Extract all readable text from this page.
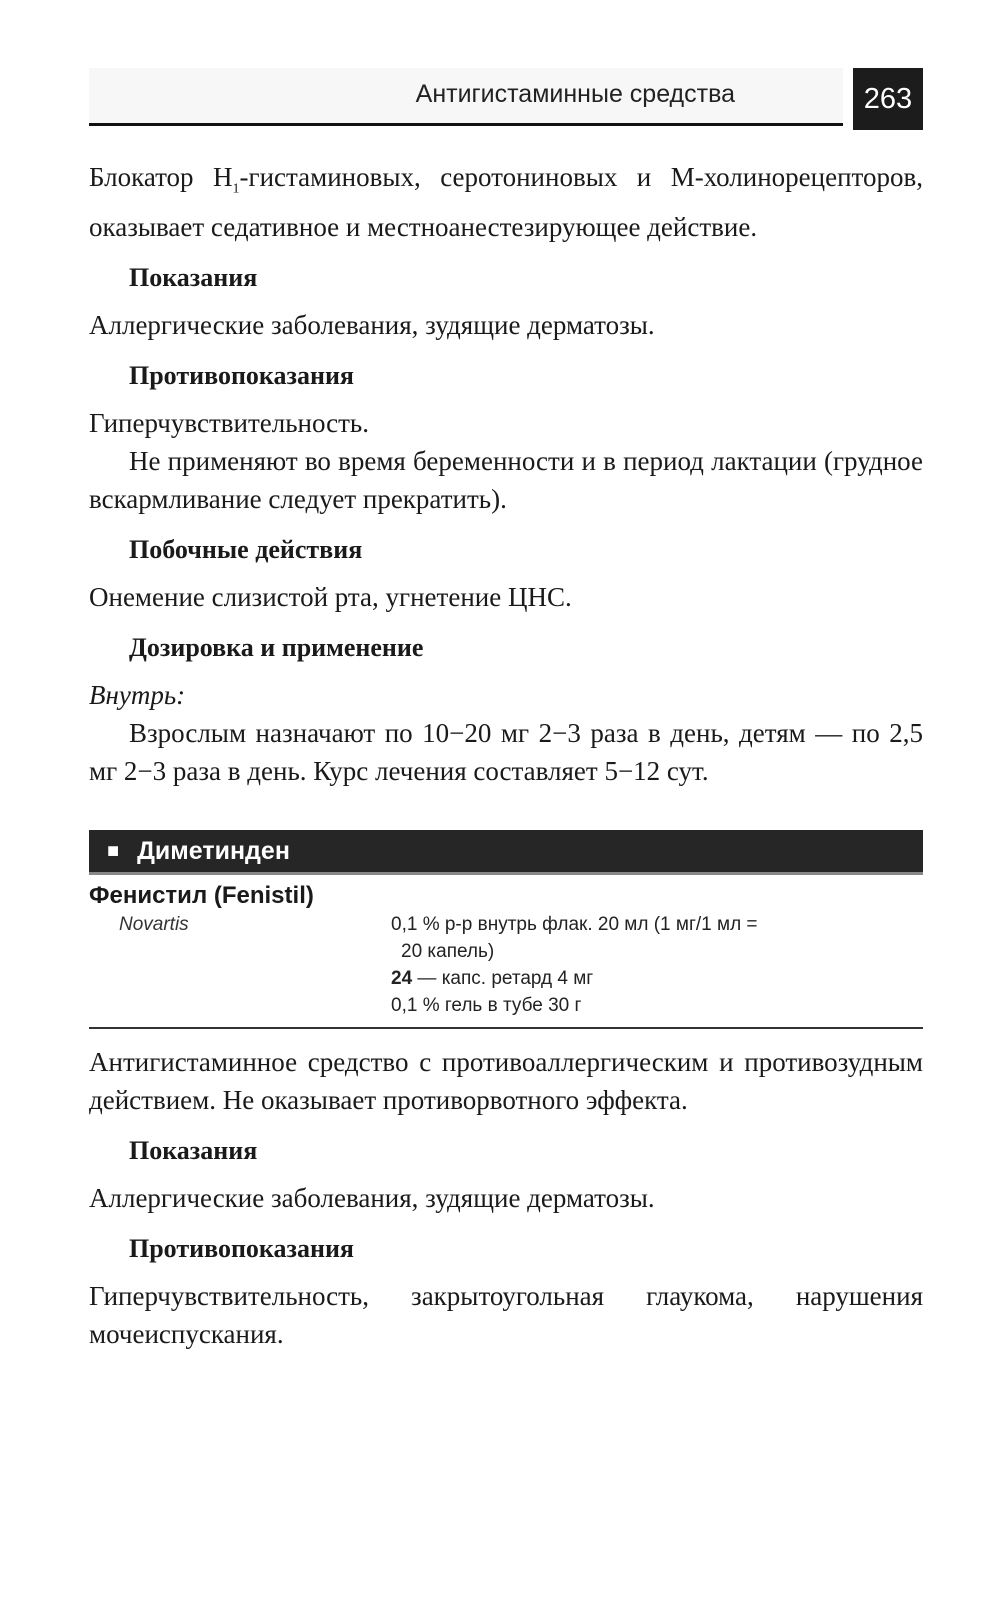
Антигистаминные средства	263

Блокатор $H_1$-гистаминовых, серотониновых и М-холинорецепторов, оказывает седативное и местноанестезирующее действие.

Показания

Аллергические заболевания, зудящие дерматозы.

Противопоказания

Гиперчувствительность.

Не применяют во время беременности и в период лактации (грудное вскармливание следует прекратить).

Побочные действия

Онемение слизистой рта, угнетение ЦНС.

Дозировка и применение

Внутрь:

Взрослым назначают по 10−20 мг 2−3 раза в день, детям — по 2,5 мг 2−3 раза в день. Курс лечения составляет 5−12 сут.

■ Диметинден
Фенистил (Fenistil)
Novartis	0,1 % р-р внутрь флак. 20 мл (1 мг/1 мл =
20 капель)
24 — капс. ретард 4 мг
0,1 % гель в тубе 30 г

Антигистаминное средство с противоаллергическим и противозудным действием. Не оказывает противорвотного эффекта.

Показания

Аллергические заболевания, зудящие дерматозы.

Противопоказания

Гиперчувствительность, закрытоугольная глаукома, нарушения мочеиспускания.
